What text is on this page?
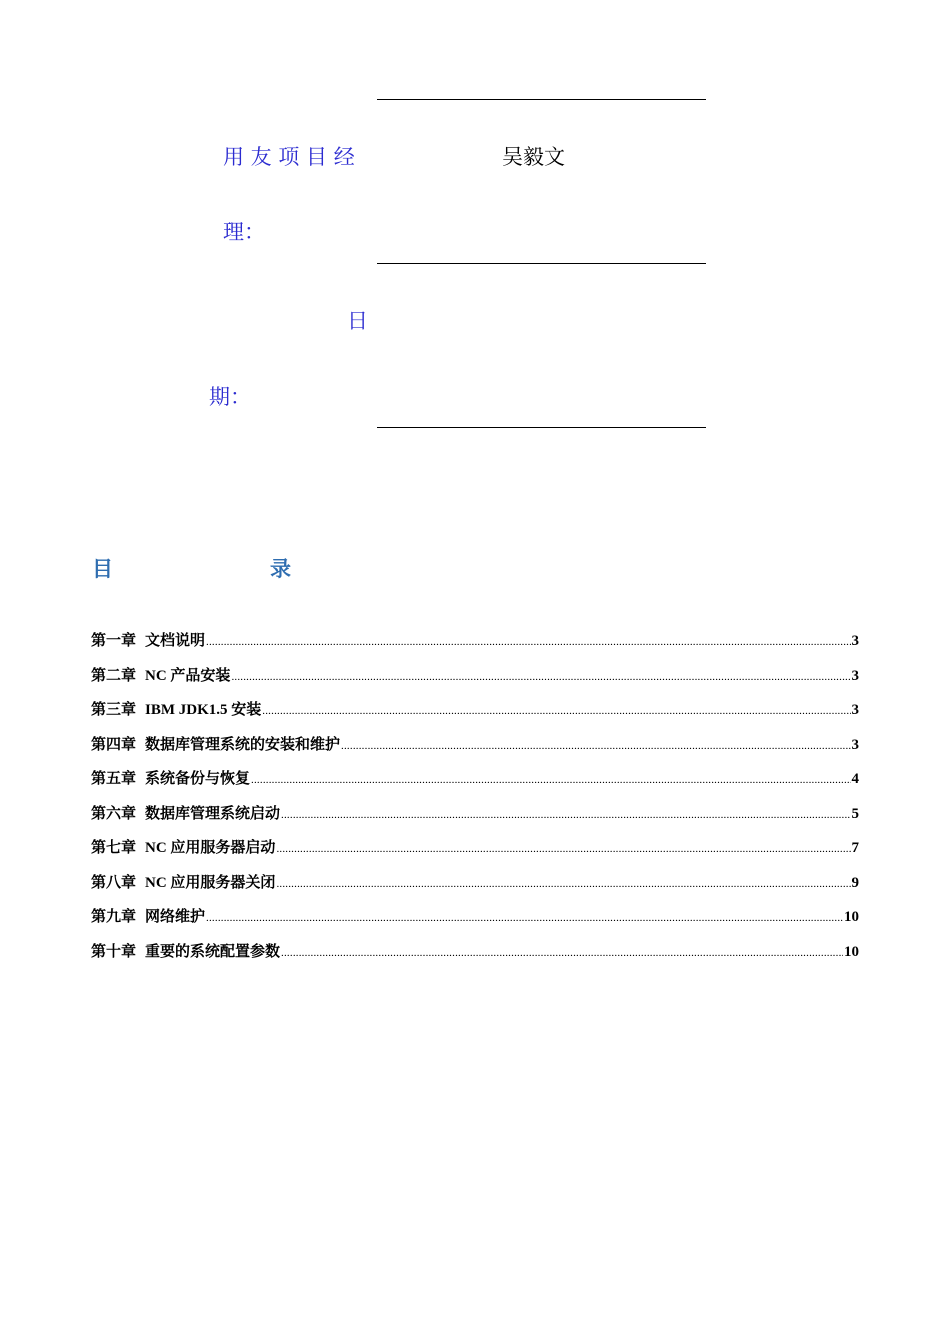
用 友 项 目 经	吴毅文
理：
日
期：
目	录
第一章 文档说明 .....	3
第二章 NC 产品安装 .....	3
第三章 IBM JDK1.5 安装 .....	3
第四章 数据库管理系统的安装和维护 .....	3
第五章 系统备份与恢复 .....	4
第六章 数据库管理系统启动 .....	5
第七章 NC 应用服务器启动 .....	7
第八章 NC 应用服务器关闭 .....	9
第九章 网络维护 .....	10
第十章 重要的系统配置参数 .....	10
